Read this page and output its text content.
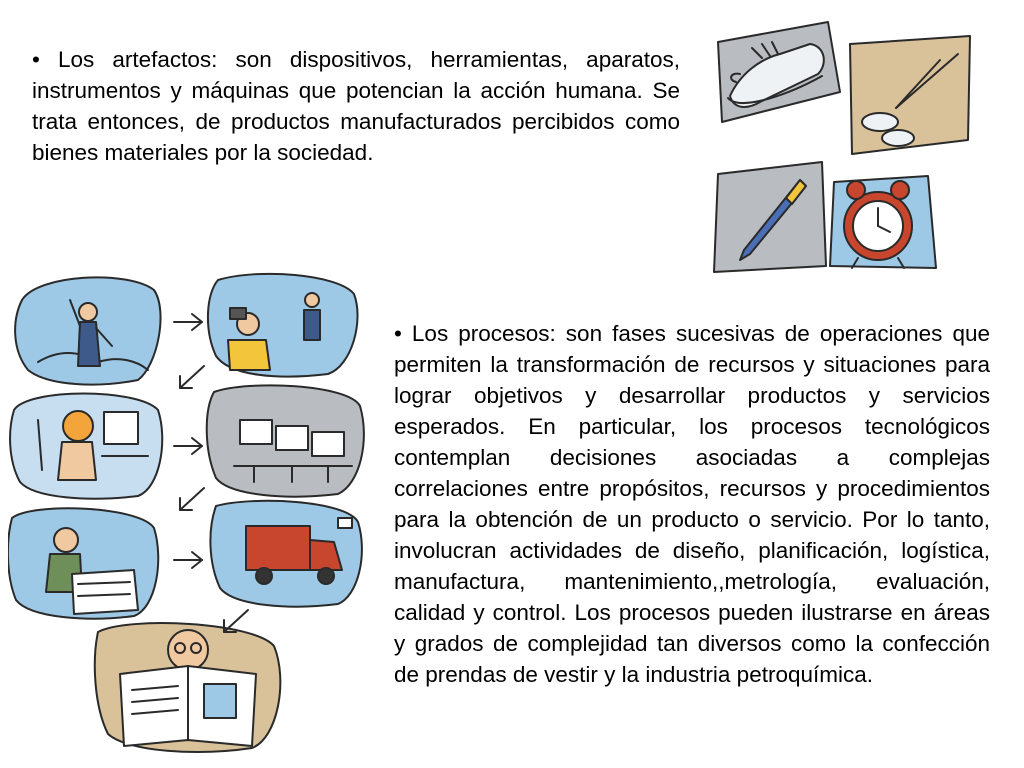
• Los artefactos: son dispositivos, herramientas, aparatos, instrumentos y máquinas que potencian la acción humana. Se trata entonces, de productos manufacturados percibidos como bienes materiales por la sociedad.

• Los procesos: son fases sucesivas de operaciones que permiten la transformación de recursos y situaciones para lograr objetivos y desarrollar productos y servicios esperados. En particular, los procesos tecnológicos contemplan decisiones asociadas a complejas correlaciones entre propósitos, recursos y procedimientos para la obtención de un producto o servicio. Por lo tanto, involucran actividades de diseño, planificación, logística, manufactura, mantenimiento,,metrología, evaluación, calidad y control. Los procesos pueden ilustrarse en áreas y grados de complejidad tan diversos como la confección de prendas de vestir y la industria petroquímica.
